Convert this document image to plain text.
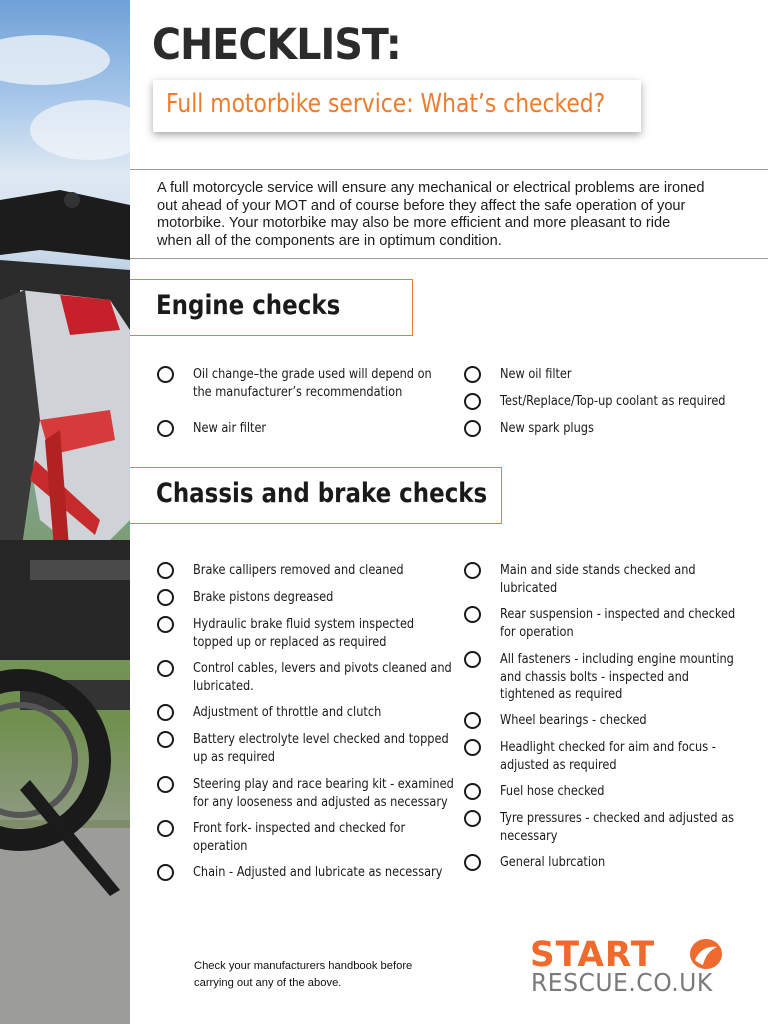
CHECKLIST:
Full motorbike service: What’s checked?
A full motorcycle service will ensure any mechanical or electrical problems are ironed
out ahead of your MOT and of course before they affect the safe operation of your
motorbike. Your motorbike may also be more efficient and more pleasant to ride
when all of the components are in optimum condition.
Engine checks
Oil change–the grade used will depend on
the manufacturer’s recommendation
New air filter
New oil filter
Test/Replace/Top-up coolant as required
New spark plugs
Chassis and brake checks
Brake callipers removed and cleaned
Brake pistons degreased
Hydraulic brake fluid system inspected
topped up or replaced as required
Control cables, levers and pivots cleaned and
lubricated.
Adjustment of throttle and clutch
Battery electrolyte level checked and topped
up as required
Steering play and race bearing kit - examined
for any looseness and adjusted as necessary
Front fork- inspected and checked for
operation
Chain - Adjusted and lubricate as necessary
Main and side stands checked and
lubricated
Rear suspension - inspected and checked
for operation
All fasteners - including engine mounting
and chassis bolts - inspected and
tightened as required
Wheel bearings - checked
Headlight checked for aim and focus -
adjusted as required
Fuel hose checked
Tyre pressures - checked and adjusted as
necessary
General lubrcation
Check your manufacturers handbook before
carrying out any of the above.
START
RESCUE.CO.UK
